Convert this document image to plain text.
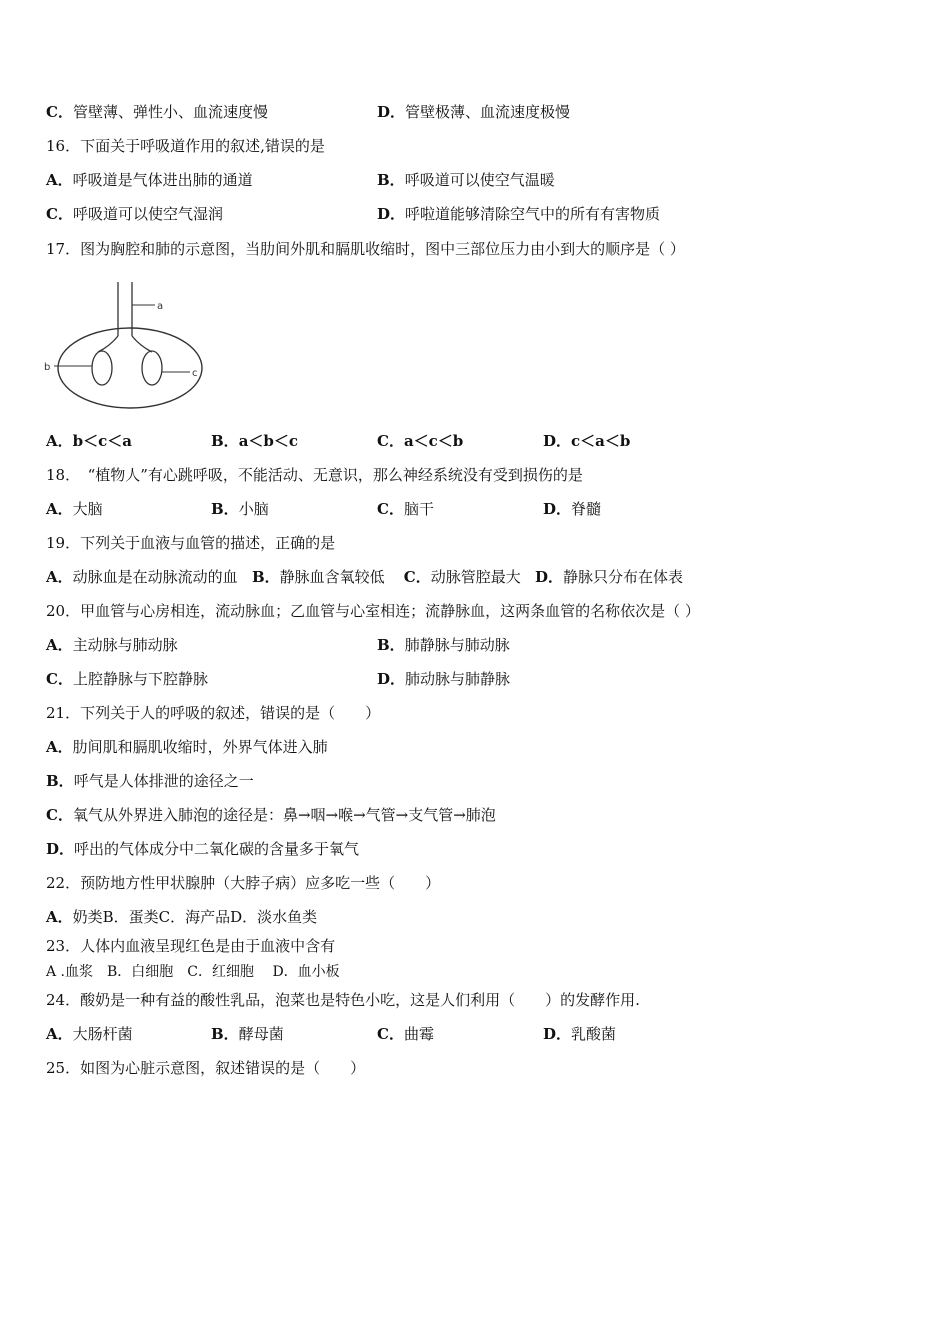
C．管壁薄、弹性小、血流速度慢	D．管壁极薄、血流速度极慢
16．下面关于呼吸道作用的叙述,错误的是
A．呼吸道是气体进出肺的通道	B．呼吸道可以使空气温暖
C．呼吸道可以使空气湿润	D．呼啦道能够清除空气中的所有有害物质
17．图为胸腔和肺的示意图，当肋间外肌和膈肌收缩时，图中三部位压力由小到大的顺序是（ ）
a
b
c
A．b＜c＜a	B．a＜b＜c	C．a＜c＜b	D．c＜a＜b
18．　“植物人”有心跳呼吸，不能活动、无意识，那么神经系统没有受到损伤的是
A．大脑	B．小脑	C．脑干	D．脊髓
19．下列关于血液与血管的描述，正确的是
A．动脉血是在动脉流动的血 B．静脉血含氧较低 C．动脉管腔最大 D．静脉只分布在体表
20．甲血管与心房相连，流动脉血；乙血管与心室相连；流静脉血，这两条血管的名称依次是（ ）
A．主动脉与肺动脉	B．肺静脉与肺动脉
C．上腔静脉与下腔静脉	D．肺动脉与肺静脉
21．下列关于人的呼吸的叙述，错误的是（　　）
A．肋间肌和膈肌收缩时，外界气体进入肺
B．呼气是人体排泄的途径之一
C．氧气从外界进入肺泡的途径是：鼻→咽→喉→气管→支气管→肺泡
D．呼出的气体成分中二氧化碳的含量多于氧气
22．预防地方性甲状腺肿（大脖子病）应多吃一些（　　）
A．奶类B．蛋类C．海产品D．淡水鱼类
23．人体内血液呈现红色是由于血液中含有
A .血浆　B．白细胞　C．红细胞　 D．血小板
24．酸奶是一种有益的酸性乳品，泡菜也是特色小吃，这是人们利用（　　）的发酵作用.
A．大肠杆菌	B．酵母菌	C．曲霉	D．乳酸菌
25．如图为心脏示意图，叙述错误的是（　　）
